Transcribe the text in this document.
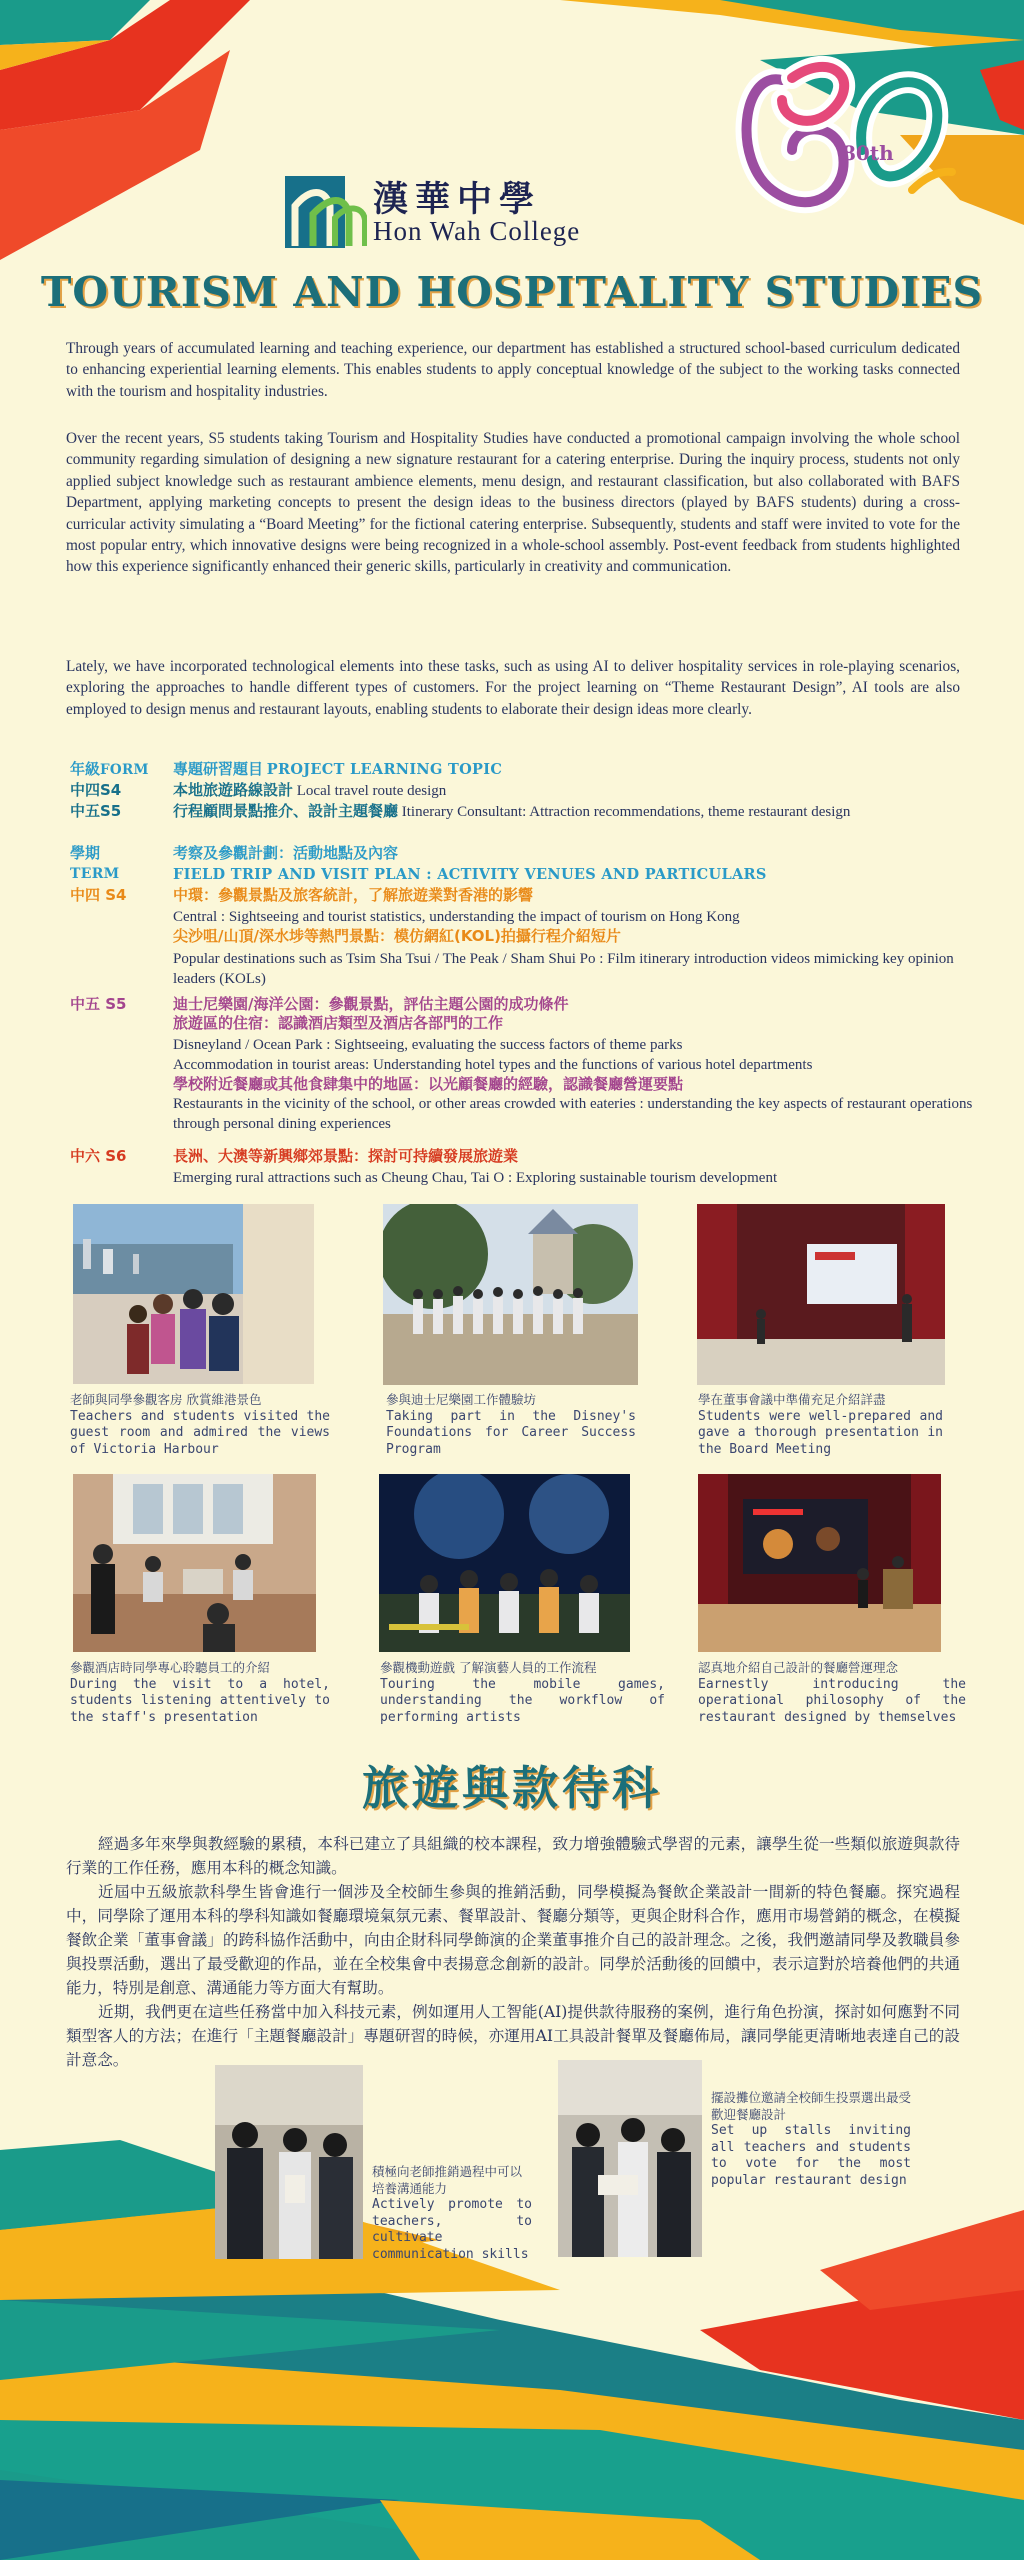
80th
漢華中學
Hon Wah College
TOURISM AND HOSPITALITY STUDIES

Through years of accumulated learning and teaching experience, our department has established a structured school-based curriculum dedicated to enhancing experiential learning elements. This enables students to apply conceptual knowledge of the subject to the working tasks connected with the tourism and hospitality industries.

Over the recent years, S5 students taking Tourism and Hospitality Studies have conducted a promotional campaign involving the whole school community regarding simulation of designing a new signature restaurant for a catering enterprise. During the inquiry process, students not only applied subject knowledge such as restaurant ambience elements, menu design, and restaurant classification, but also collaborated with BAFS Department, applying marketing concepts to present the design ideas to the business directors (played by BAFS students) during a cross-curricular activity simulating a “Board Meeting” for the fictional catering enterprise. Subsequently, students and staff were invited to vote for the most popular entry, which innovative designs were being recognized in a whole-school assembly. Post-event feedback from students highlighted how this experience significantly enhanced their generic skills, particularly in creativity and communication.

Lately, we have incorporated technological elements into these tasks, such as using AI to deliver hospitality services in role-playing scenarios, exploring the approaches to handle different types of customers. For the project learning on “Theme Restaurant Design”, AI tools are also employed to design menus and restaurant layouts, enabling students to elaborate their design ideas more clearly.

年級FORM 專題研習題目 PROJECT LEARNING TOPIC
中四S4	本地旅遊路線設計 Local travel route design
中五S5	行程顧問景點推介、設計主題餐廳 Itinerary Consultant: Attraction recommendations, theme restaurant design
學期	考察及參觀計劃：活動地點及內容
TERM	FIELD TRIP AND VISIT PLAN : ACTIVITY VENUES AND PARTICULARS
中四 S4	中環：參觀景點及旅客統計，了解旅遊業對香港的影響
Central : Sightseeing and tourist statistics, understanding the impact of tourism on Hong Kong
尖沙咀/山頂/深水埗等熱門景點：模仿網紅(KOL)拍攝行程介紹短片
Popular destinations such as Tsim Sha Tsui / The Peak / Sham Shui Po : Film itinerary introduction videos mimicking key opinion leaders (KOLs)
中五 S5	迪士尼樂園/海洋公園：參觀景點，評估主題公園的成功條件
旅遊區的住宿：認識酒店類型及酒店各部門的工作
Disneyland / Ocean Park : Sightseeing, evaluating the success factors of theme parks
Accommodation in tourist areas: Understanding hotel types and the functions of various hotel departments
學校附近餐廳或其他食肆集中的地區：以光顧餐廳的經驗，認識餐廳營運要點
Restaurants in the vicinity of the school, or other areas crowded with eateries : understanding the key aspects of restaurant operations through personal dining experiences
中六 S6	長洲、大澳等新興鄉郊景點：探討可持續發展旅遊業
Emerging rural attractions such as Cheung Chau, Tai O : Exploring sustainable tourism development
老師與同學參觀客房 欣賞維港景色
Teachers and students visited the guest room and admired the views of Victoria Harbour
參與迪士尼樂園工作體驗坊
Taking part in the Disney's Foundations for Career Success Program
學在董事會議中準備充足介紹詳盡
Students were well-prepared and gave a thorough presentation in the Board Meeting
參觀酒店時同學專心聆聽員工的介紹
During the visit to a hotel, students listening attentively to the staff's presentation
參觀機動遊戲 了解演藝人員的工作流程
Touring the mobile games, understanding the workflow of performing artists
認真地介紹自己設計的餐廳營運理念
Earnestly introducing the operational philosophy of the restaurant designed by themselves
旅遊與款待科

經過多年來學與教經驗的累積，本科已建立了具組織的校本課程，致力增強體驗式學習的元素，讓學生從一些類似旅遊與款待行業的工作任務，應用本科的概念知識。

近屆中五級旅款科學生皆會進行一個涉及全校師生參與的推銷活動，同學模擬為餐飲企業設計一間新的特色餐廳。探究過程中，同學除了運用本科的學科知識如餐廳環境氣氛元素、餐單設計、餐廳分類等，更與企財科合作，應用市場營銷的概念，在模擬餐飲企業「董事會議」的跨科協作活動中，向由企財科同學飾演的企業董事推介自己的設計理念。之後，我們邀請同學及教職員參與投票活動，選出了最受歡迎的作品，並在全校集會中表揚意念創新的設計。同學於活動後的回饋中，表示這對於培養他們的共通能力，特別是創意、溝通能力等方面大有幫助。

近期，我們更在這些任務當中加入科技元素，例如運用人工智能(AI)提供款待服務的案例，進行角色扮演，探討如何應對不同類型客人的方法；在進行「主題餐廳設計」專題研習的時候，亦運用AI工具設計餐單及餐廳佈局，讓同學能更清晰地表達自己的設計意念。

積極向老師推銷過程中可以培養溝通能力
Actively promote to teachers, to cultivate communication skills
擺設攤位邀請全校師生投票選出最受歡迎餐廳設計
Set up stalls inviting all teachers and students to vote for the most popular restaurant design
